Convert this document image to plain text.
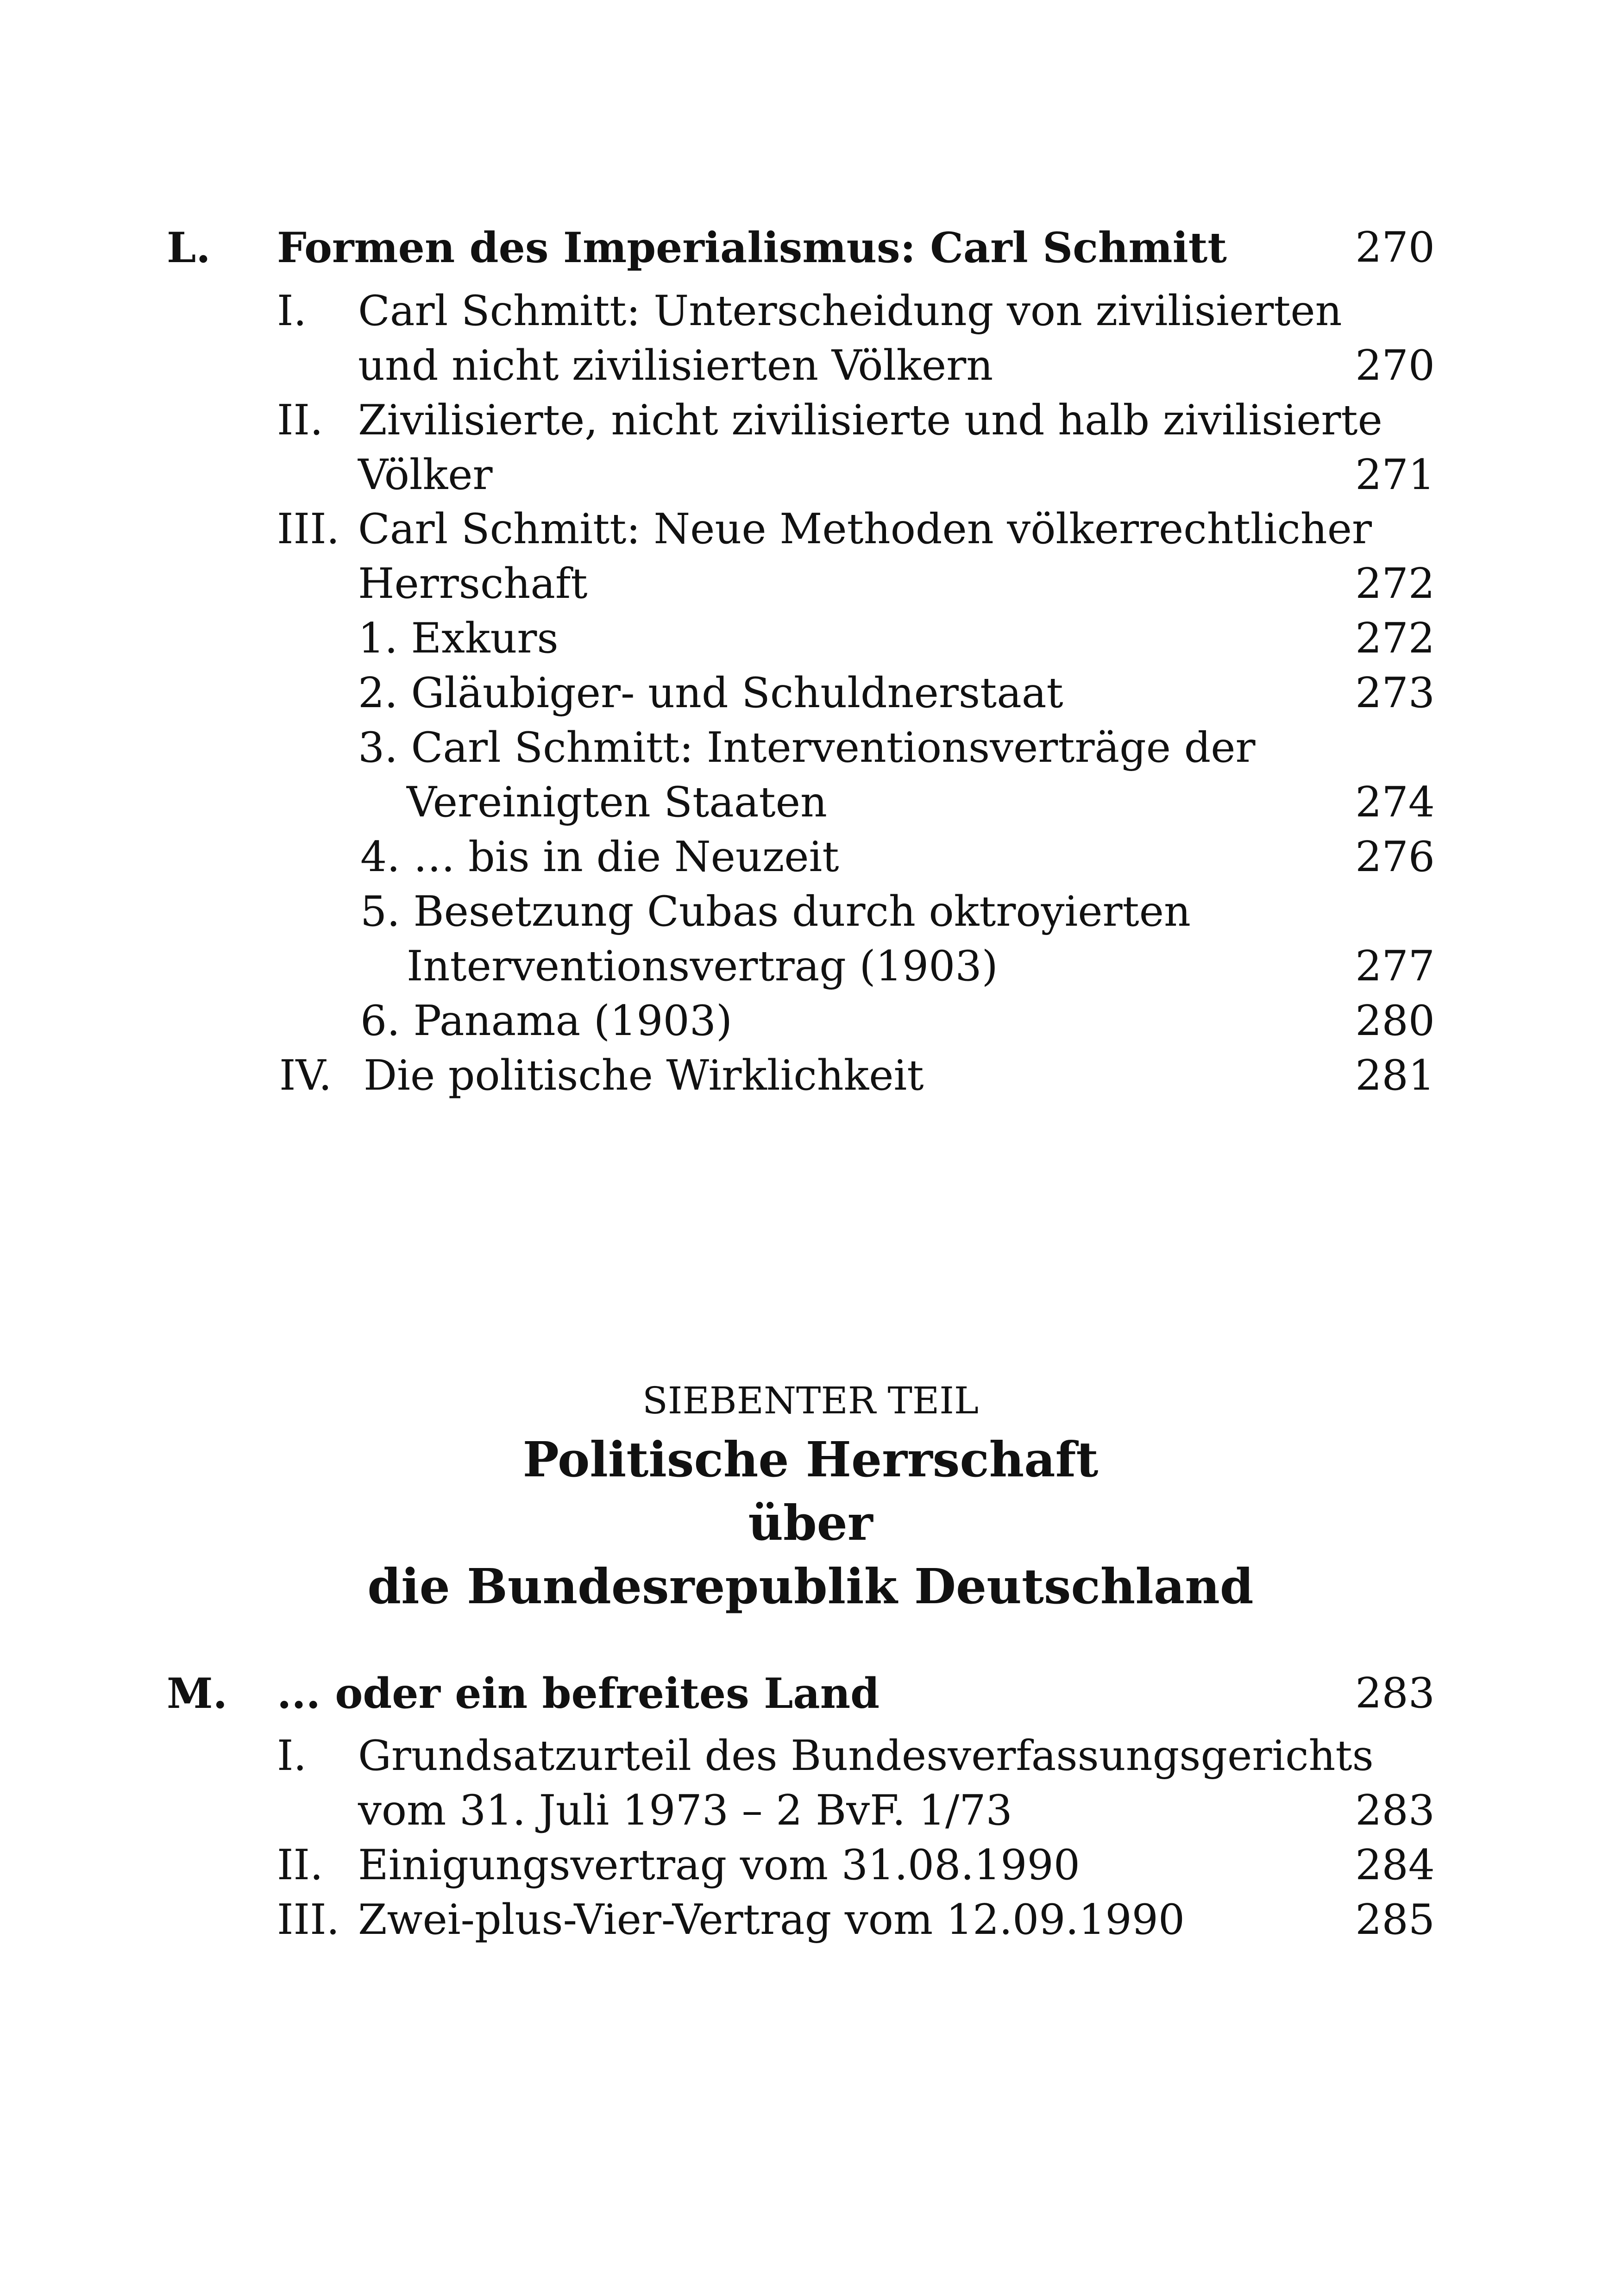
L. Formen des Imperialismus: Carl Schmitt	270
I. Carl Schmitt: Unterscheidung von zivilisierten
und nicht zivilisierten Völkern	270
II. Zivilisierte, nicht zivilisierte und halb zivilisierte
Völker	271
III. Carl Schmitt: Neue Methoden völkerrechtlicher
Herrschaft	272
1. Exkurs	272
2. Gläubiger- und Schuldnerstaat	273
3. Carl Schmitt: Interventionsverträge der
Vereinigten Staaten	274
4. … bis in die Neuzeit	276
5. Besetzung Cubas durch oktroyierten
Interventionsvertrag (1903)	277
6. Panama (1903)	280
IV. Die politische Wirklichkeit	281
SIEBENTER TEIL
Politische Herrschaft
über
die Bundesrepublik Deutschland
M. ... oder ein befreites Land	283
I. Grundsatzurteil des Bundesverfassungsgerichts
vom 31. Juli 1973 – 2 BvF. 1/73	283
II. Einigungsvertrag vom 31.08.1990	284
III. Zwei-plus-Vier-Vertrag vom 12.09.1990	285
